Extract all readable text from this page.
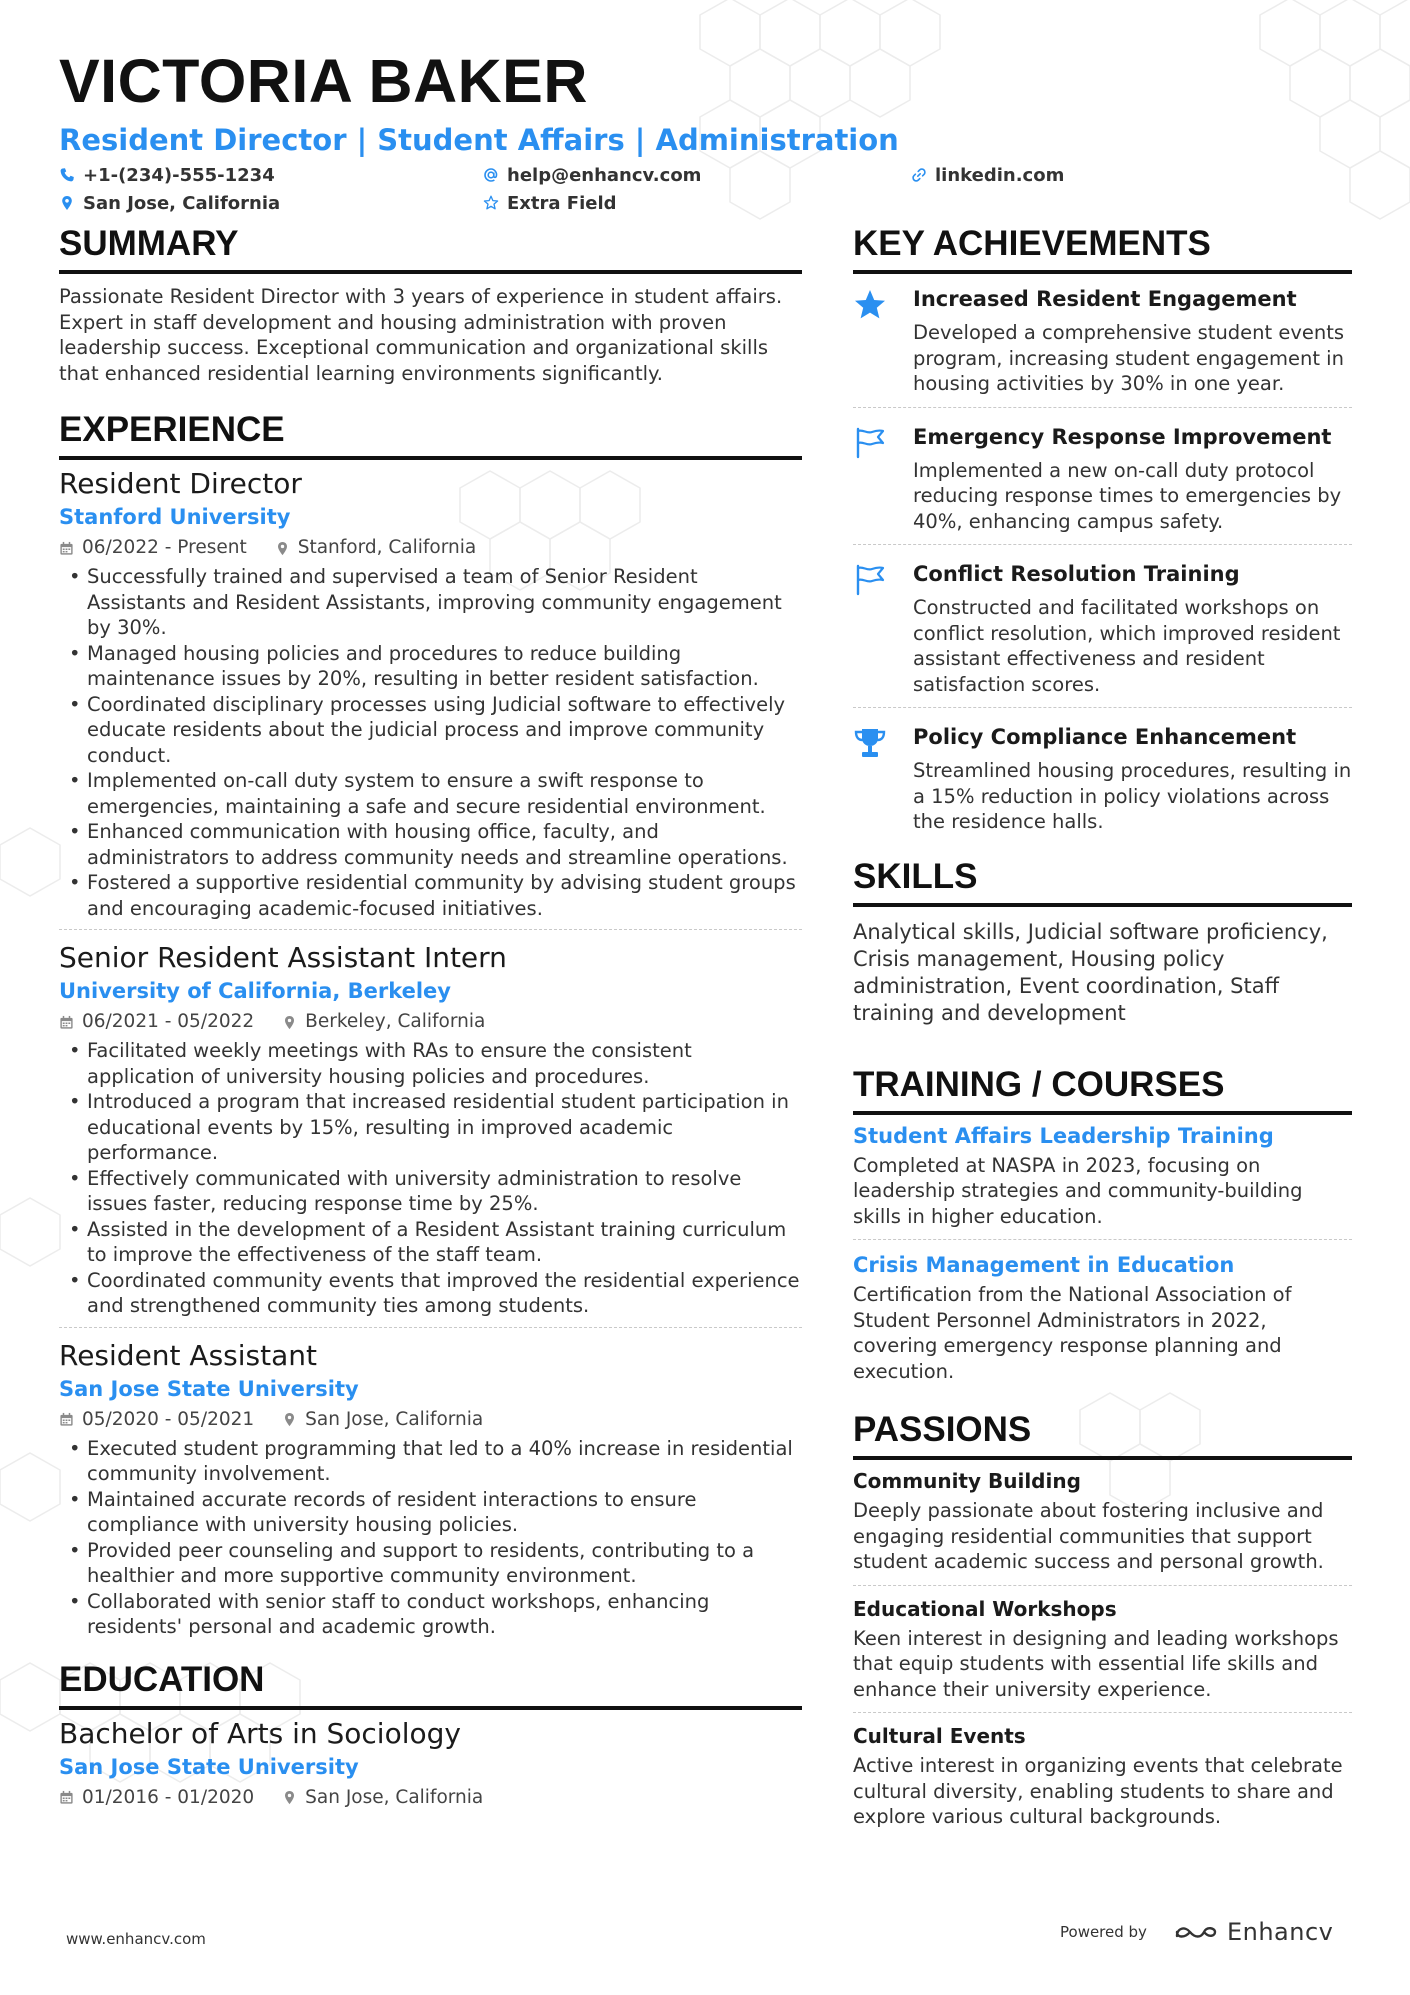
VICTORIA BAKER
Resident Director | Student Affairs | Administration
+1-(234)-555-1234	help@enhancv.com	linkedin.com
San Jose, California	Extra Field
SUMMARY
Passionate Resident Director with 3 years of experience in student affairs. Expert in staff development and housing administration with proven leadership success. Exceptional communication and organizational skills that enhanced residential learning environments significantly.
EXPERIENCE
Resident Director
Stanford University
06/2022 - Present	Stanford, California
• Successfully trained and supervised a team of Senior Resident Assistants and Resident Assistants, improving community engagement by 30%.
• Managed housing policies and procedures to reduce building maintenance issues by 20%, resulting in better resident satisfaction.
• Coordinated disciplinary processes using Judicial software to effectively educate residents about the judicial process and improve community conduct.
• Implemented on-call duty system to ensure a swift response to emergencies, maintaining a safe and secure residential environment.
• Enhanced communication with housing office, faculty, and administrators to address community needs and streamline operations.
• Fostered a supportive residential community by advising student groups and encouraging academic-focused initiatives.
Senior Resident Assistant Intern
University of California, Berkeley
06/2021 - 05/2022	Berkeley, California
• Facilitated weekly meetings with RAs to ensure the consistent application of university housing policies and procedures.
• Introduced a program that increased residential student participation in educational events by 15%, resulting in improved academic performance.
• Effectively communicated with university administration to resolve issues faster, reducing response time by 25%.
• Assisted in the development of a Resident Assistant training curriculum to improve the effectiveness of the staff team.
• Coordinated community events that improved the residential experience and strengthened community ties among students.
Resident Assistant
San Jose State University
05/2020 - 05/2021	San Jose, California
• Executed student programming that led to a 40% increase in residential community involvement.
• Maintained accurate records of resident interactions to ensure compliance with university housing policies.
• Provided peer counseling and support to residents, contributing to a healthier and more supportive community environment.
• Collaborated with senior staff to conduct workshops, enhancing residents' personal and academic growth.
EDUCATION
Bachelor of Arts in Sociology
San Jose State University
01/2016 - 01/2020	San Jose, California
KEY ACHIEVEMENTS
Increased Resident Engagement
Developed a comprehensive student events program, increasing student engagement in housing activities by 30% in one year.
Emergency Response Improvement
Implemented a new on-call duty protocol reducing response times to emergencies by 40%, enhancing campus safety.
Conflict Resolution Training
Constructed and facilitated workshops on conflict resolution, which improved resident assistant effectiveness and resident satisfaction scores.
Policy Compliance Enhancement
Streamlined housing procedures, resulting in a 15% reduction in policy violations across the residence halls.
SKILLS
Analytical skills, Judicial software proficiency, Crisis management, Housing policy administration, Event coordination, Staff training and development
TRAINING / COURSES
Student Affairs Leadership Training
Completed at NASPA in 2023, focusing on leadership strategies and community-building skills in higher education.
Crisis Management in Education
Certification from the National Association of Student Personnel Administrators in 2022, covering emergency response planning and execution.
PASSIONS
Community Building
Deeply passionate about fostering inclusive and engaging residential communities that support student academic success and personal growth.
Educational Workshops
Keen interest in designing and leading workshops that equip students with essential life skills and enhance their university experience.
Cultural Events
Active interest in organizing events that celebrate cultural diversity, enabling students to share and explore various cultural backgrounds.
www.enhancv.com	Powered by	Enhancv
